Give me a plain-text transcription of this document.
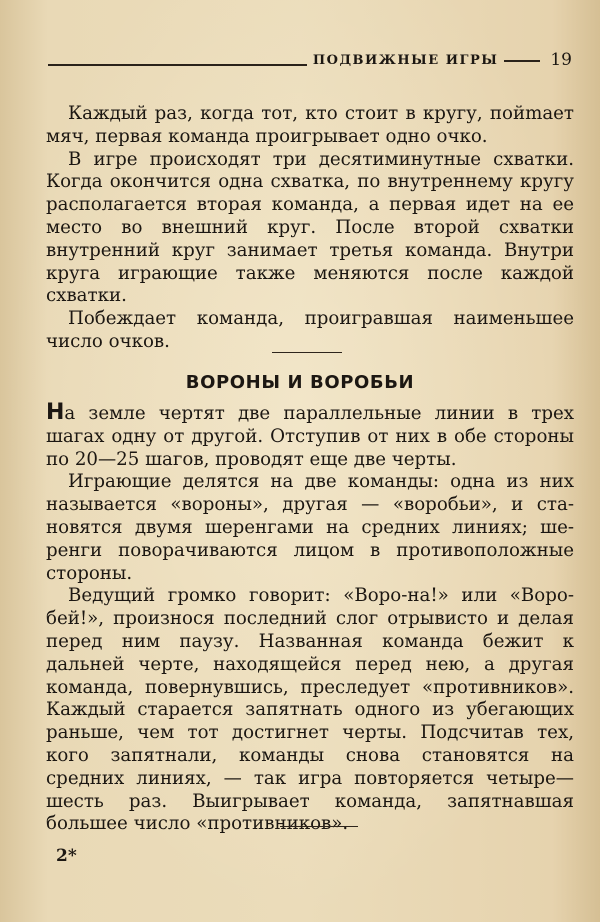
ПОДВИЖНЫЕ ИГРЫ	19

Каждый раз, когда тот, кто стоит в кругу, пойmает мяч, первая команда проигрывает одно очко.

В игре происходят три десятиминутные схватки. Когда окончится одна схватка, по внутреннему кругу располагается вторая команда, а первая идет на ее место во внешний круг. После второй схватки внутренний круг занимает третья команда. Внутри круга играющие также меняются после каждой схватки.

Побеждает команда, проигравшая наименьшее число очков.

ВОРОНЫ И ВОРОБЬИ

На земле чертят две параллельные линии в трех шагах одну от другой. Отступив от них в обе стороны по 20—25 шагов, проводят еще две черты.

Играющие делятся на две команды: одна из них называется «вороны», другая — «воробьи», и становятся двумя шеренгами на средних линиях; шеренги поворачиваются лицом в противоположные стороны.

Ведущий громко говорит: «Воро-на!» или «Воробей!», произнося последний слог отрывисто и делая перед ним паузу. Названная команда бежит к дальней черте, находящейся перед нею, а другая команда, повернувшись, преследует «противников». Каждый старается запятнать одного из убегающих раньше, чем тот достигнет черты. Подсчитав тех, кого запятнали, команды снова становятся на средних линиях, — так игра повторяется четыре—шесть раз. Выигрывает команда, запятнавшая большее число «противников».

2*
